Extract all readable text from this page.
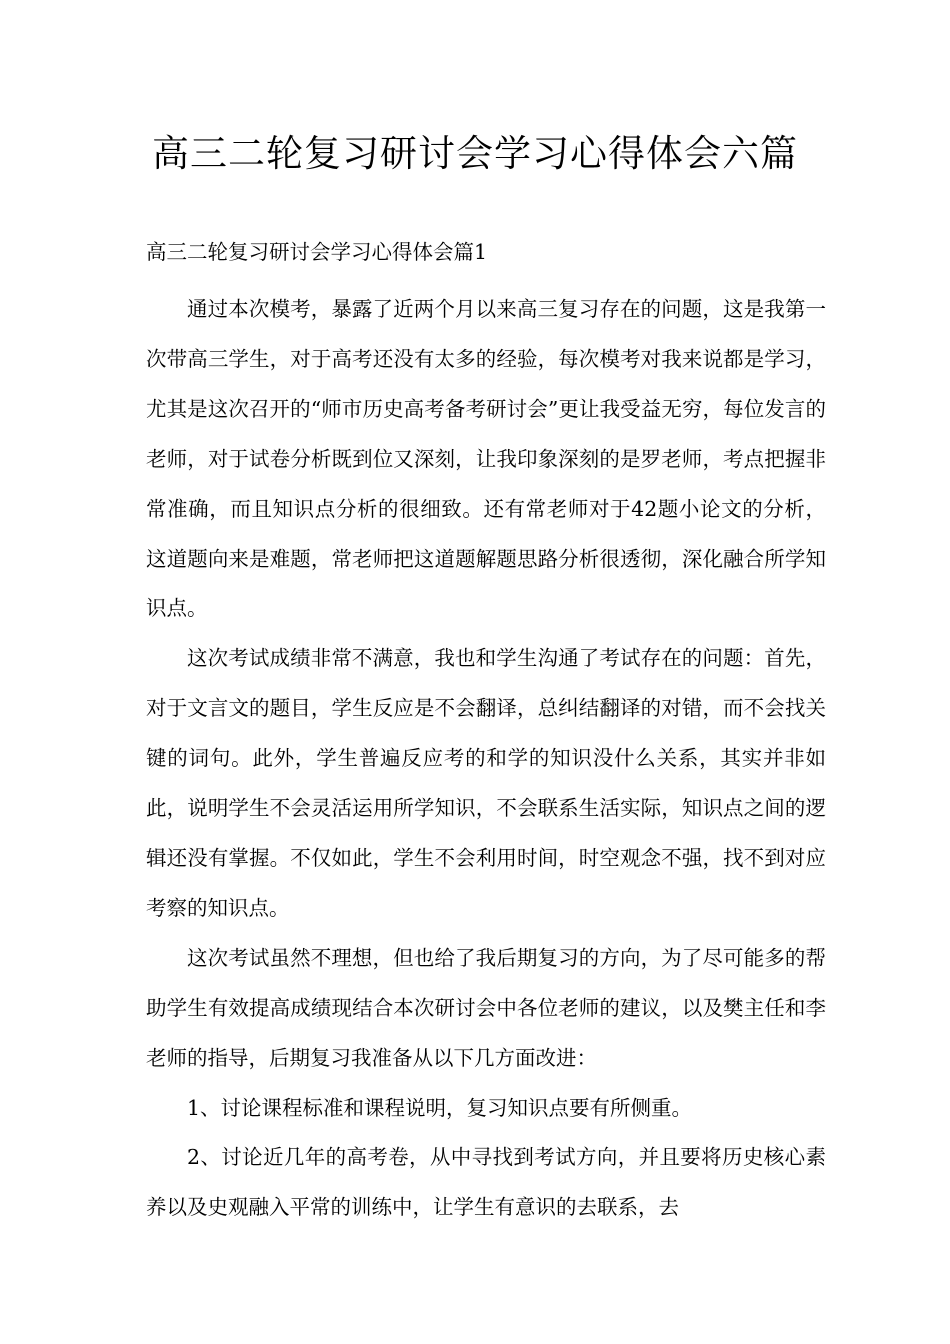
高三二轮复习研讨会学习心得体会六篇
高三二轮复习研讨会学习心得体会篇1

通过本次模考，暴露了近两个月以来高三复习存在的问题，这是我第一次带高三学生，对于高考还没有太多的经验，每次模考对我来说都是学习，尤其是这次召开的“师市历史高考备考研讨会”更让我受益无穷，每位发言的老师，对于试卷分析既到位又深刻，让我印象深刻的是罗老师，考点把握非常准确，而且知识点分析的很细致。还有常老师对于42题小论文的分析，这道题向来是难题，常老师把这道题解题思路分析很透彻，深化融合所学知识点。

这次考试成绩非常不满意，我也和学生沟通了考试存在的问题：首先，对于文言文的题目，学生反应是不会翻译，总纠结翻译的对错，而不会找关键的词句。此外，学生普遍反应考的和学的知识没什么关系，其实并非如此，说明学生不会灵活运用所学知识，不会联系生活实际，知识点之间的逻辑还没有掌握。不仅如此，学生不会利用时间，时空观念不强，找不到对应考察的知识点。

这次考试虽然不理想，但也给了我后期复习的方向，为了尽可能多的帮助学生有效提高成绩现结合本次研讨会中各位老师的建议，以及樊主任和李老师的指导，后期复习我准备从以下几方面改进：

1、讨论课程标准和课程说明，复习知识点要有所侧重。

2、讨论近几年的高考卷，从中寻找到考试方向，并且要将历史核心素养以及史观融入平常的训练中，让学生有意识的去联系，去
